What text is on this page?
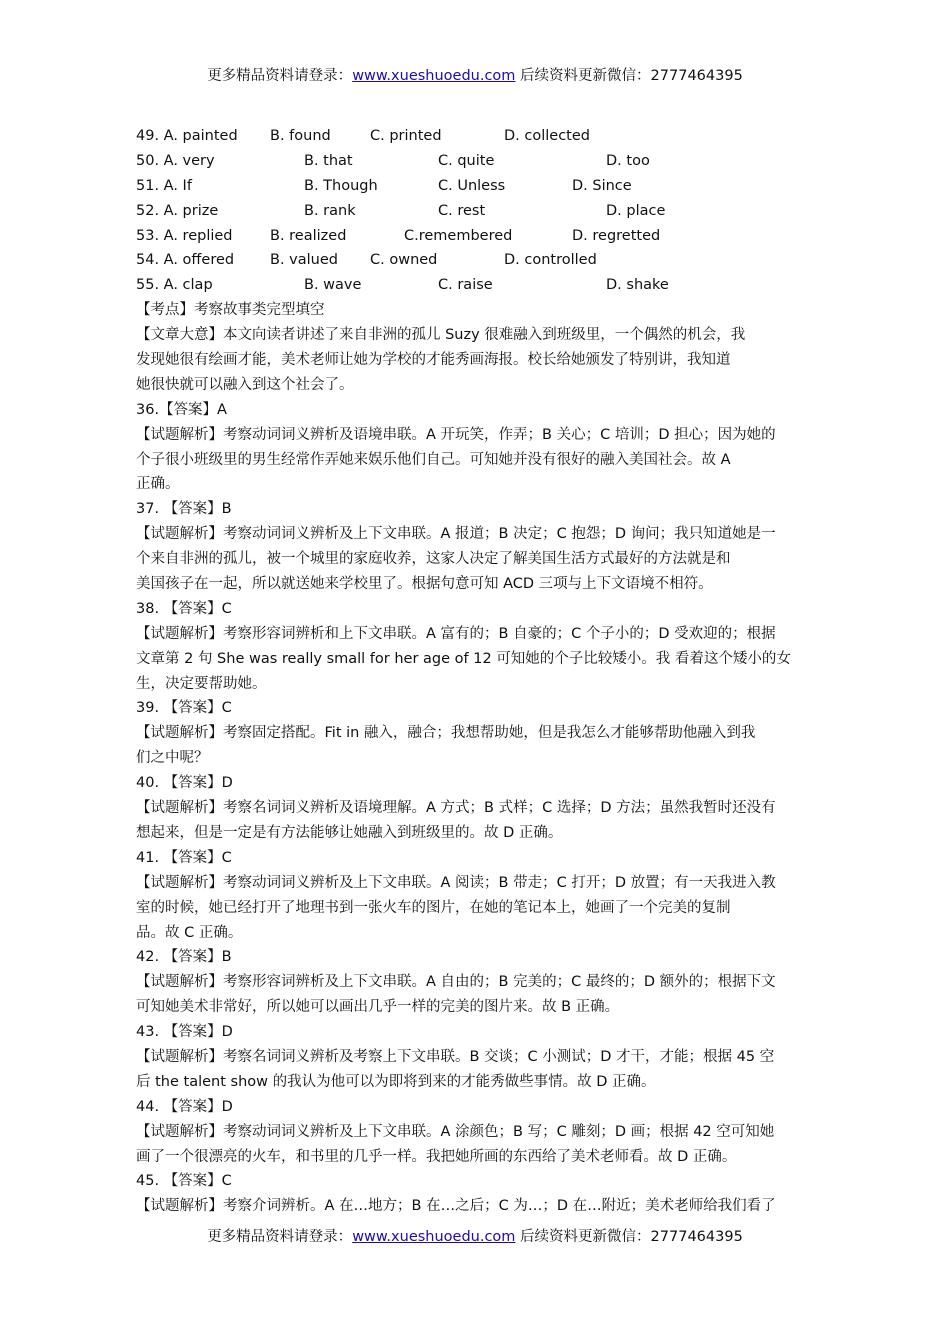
更多精品资料请登录：www.xueshuoedu.com 后续资料更新微信：2777464395
49. A. painted B. found	C. printed	D. collected
50. A. very	B. that	C. quite	D. too
51. A. If	B. Though	C. Unless	D. Since
52. A. prize	B. rank	C. rest	D. place
53. A. replied	B. realized	C.remembered	D. regretted
54. A. offered B. valued C. owned	D. controlled
55. A. clap	B. wave	C. raise	D. shake
【考点】考察故事类完型填空
【文章大意】本文向读者讲述了来自非洲的孤儿 Suzy 很难融入到班级里，一个偶然的机会，我
发现她很有绘画才能，美术老师让她为学校的才能秀画海报。校长给她颁发了特别讲，我知道
她很快就可以融入到这个社会了。
36.【答案】A
【试题解析】考察动词词义辨析及语境串联。A 开玩笑，作弄；B 关心；C 培训；D 担心；因为她的
个子很小班级里的男生经常作弄她来娱乐他们自己。可知她并没有很好的融入美国社会。故 A
正确。
37. 【答案】B
【试题解析】考察动词词义辨析及上下文串联。A 报道；B 决定；C 抱怨；D 询问；我只知道她是一
个来自非洲的孤儿，被一个城里的家庭收养，这家人决定了解美国生活方式最好的方法就是和
美国孩子在一起，所以就送她来学校里了。根据句意可知 ACD 三项与上下文语境不相符。
38. 【答案】C
【试题解析】考察形容词辨析和上下文串联。A 富有的；B 自豪的；C 个子小的；D 受欢迎的；根据
文章第 2 句 She was really small for her age of 12 可知她的个子比较矮小。我 看着这个矮小的女
生，决定要帮助她。
39. 【答案】C
【试题解析】考察固定搭配。Fit in 融入，融合；我想帮助她，但是我怎么才能够帮助他融入到我
们之中呢？
40. 【答案】D
【试题解析】考察名词词义辨析及语境理解。A 方式；B 式样；C 选择；D 方法；虽然我暂时还没有
想起来，但是一定是有方法能够让她融入到班级里的。故 D 正确。
41. 【答案】C
【试题解析】考察动词词义辨析及上下文串联。A 阅读；B 带走；C 打开；D 放置；有一天我进入教
室的时候，她已经打开了地理书到一张火车的图片，在她的笔记本上，她画了一个完美的复制
品。故 C 正确。
42. 【答案】B
【试题解析】考察形容词辨析及上下文串联。A 自由的；B 完美的；C 最终的；D 额外的；根据下文
可知她美术非常好，所以她可以画出几乎一样的完美的图片来。故 B 正确。
43. 【答案】D
【试题解析】考察名词词义辨析及考察上下文串联。B 交谈；C 小测试；D 才干，才能；根据 45 空
后 the talent show 的我认为他可以为即将到来的才能秀做些事情。故 D 正确。
44. 【答案】D
【试题解析】考察动词词义辨析及上下文串联。A 涂颜色；B 写；C 雕刻；D 画；根据 42 空可知她
画了一个很漂亮的火车，和书里的几乎一样。我把她所画的东西给了美术老师看。故 D 正确。
45. 【答案】C
【试题解析】考察介词辨析。A 在…地方；B 在…之后；C 为…；D 在…附近；美术老师给我们看了
更多精品资料请登录：www.xueshuoedu.com 后续资料更新微信：2777464395
